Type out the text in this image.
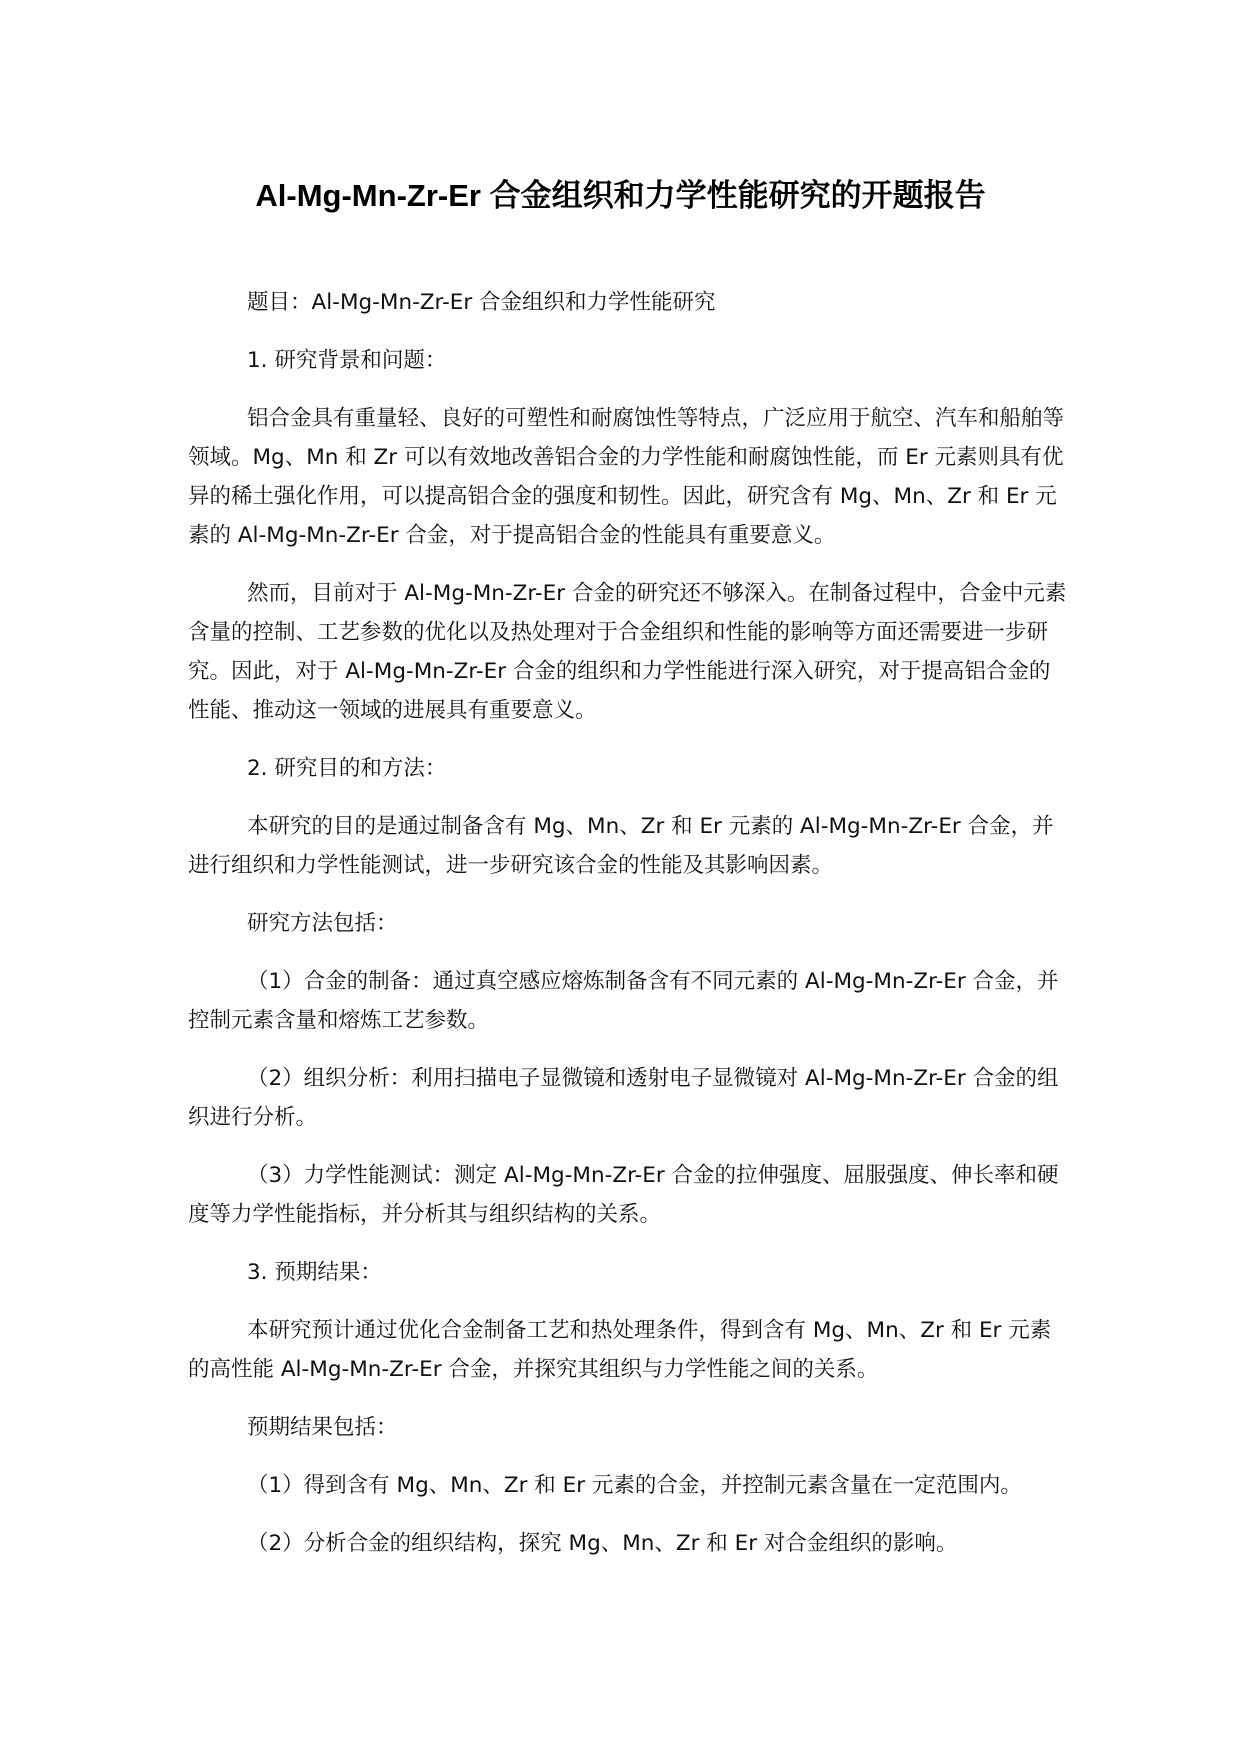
Al-Mg-Mn-Zr-Er 合金组织和力学性能研究的开题报告

题目：Al-Mg-Mn-Zr-Er 合金组织和力学性能研究

1. 研究背景和问题：

铝合金具有重量轻、良好的可塑性和耐腐蚀性等特点，广泛应用于航空、汽车和船舶等领域。Mg、Mn 和 Zr 可以有效地改善铝合金的力学性能和耐腐蚀性能，而 Er 元素则具有优异的稀土强化作用，可以提高铝合金的强度和韧性。因此，研究含有 Mg、Mn、Zr 和 Er 元素的 Al-Mg-Mn-Zr-Er 合金，对于提高铝合金的性能具有重要意义。

然而，目前对于 Al-Mg-Mn-Zr-Er 合金的研究还不够深入。在制备过程中，合金中元素含量的控制、工艺参数的优化以及热处理对于合金组织和性能的影响等方面还需要进一步研究。因此，对于 Al-Mg-Mn-Zr-Er 合金的组织和力学性能进行深入研究，对于提高铝合金的性能、推动这一领域的进展具有重要意义。

2. 研究目的和方法：

本研究的目的是通过制备含有 Mg、Mn、Zr 和 Er 元素的 Al-Mg-Mn-Zr-Er 合金，并进行组织和力学性能测试，进一步研究该合金的性能及其影响因素。

研究方法包括：

（1）合金的制备：通过真空感应熔炼制备含有不同元素的 Al-Mg-Mn-Zr-Er 合金，并控制元素含量和熔炼工艺参数。

（2）组织分析：利用扫描电子显微镜和透射电子显微镜对 Al-Mg-Mn-Zr-Er 合金的组织进行分析。

（3）力学性能测试：测定 Al-Mg-Mn-Zr-Er 合金的拉伸强度、屈服强度、伸长率和硬度等力学性能指标，并分析其与组织结构的关系。

3. 预期结果：

本研究预计通过优化合金制备工艺和热处理条件，得到含有 Mg、Mn、Zr 和 Er 元素的高性能 Al-Mg-Mn-Zr-Er 合金，并探究其组织与力学性能之间的关系。

预期结果包括：

（1）得到含有 Mg、Mn、Zr 和 Er 元素的合金，并控制元素含量在一定范围内。

（2）分析合金的组织结构，探究 Mg、Mn、Zr 和 Er 对合金组织的影响。
